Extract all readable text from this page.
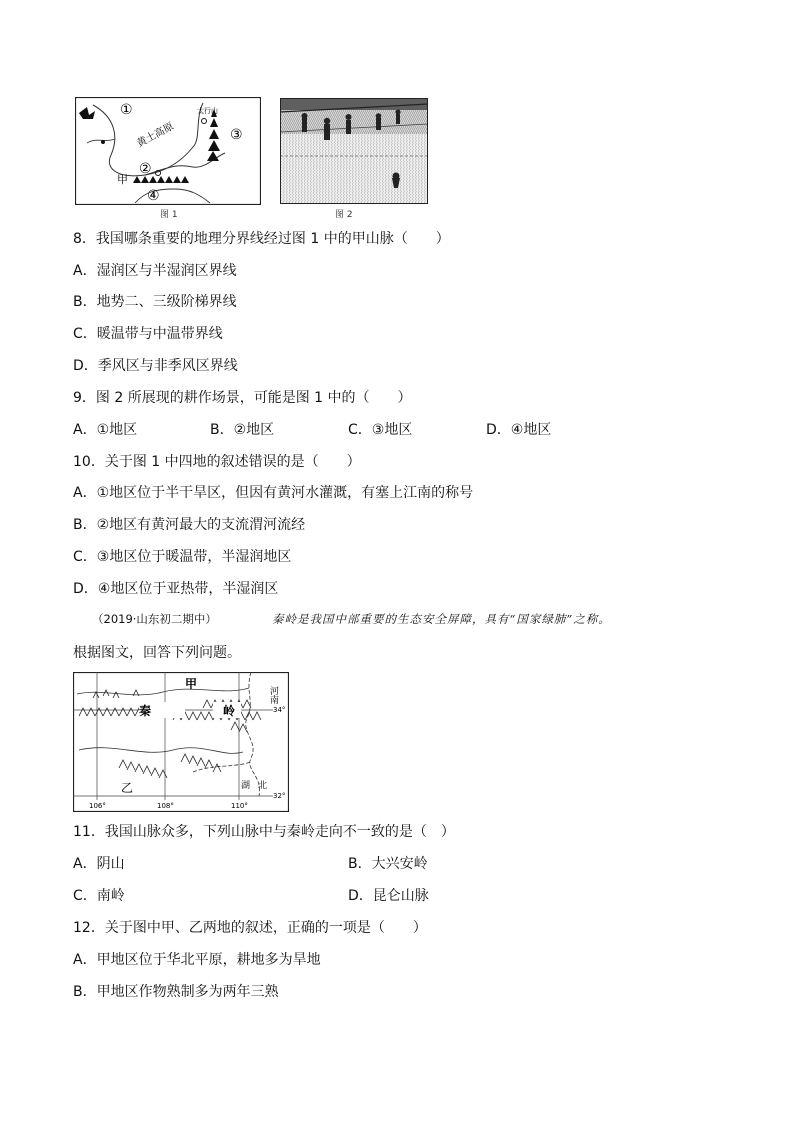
①
③
②
④
黄土高原
甲
太行山
图 1	图 2
8．我国哪条重要的地理分界线经过图 1 中的甲山脉（　　）
A．湿润区与半湿润区界线
B．地势二、三级阶梯界线
C．暖温带与中温带界线
D．季风区与非季风区界线
9．图 2 所展现的耕作场景，可能是图 1 中的（　　）
A．①地区	B．②地区	C．③地区	D．④地区
10．关于图 1 中四地的叙述错误的是（　　）
A．①地区位于半干旱区，但因有黄河水灌溉，有塞上江南的称号
B．②地区有黄河最大的支流渭河流经
C．③地区位于暖温带，半湿润地区
D．④地区位于亚热带，半湿润区
（2019·山东初二期中）	秦岭是我国中部重要的生态安全屏障，具有“国家绿肺”之称。
根据图文，回答下列问题。
甲
秦	岭
乙
河南
湖北
34°
32°
106°	108°	110°
11．我国山脉众多，下列山脉中与秦岭走向不一致的是（　）
A．阴山	B．大兴安岭
C．南岭	D．昆仑山脉
12．关于图中甲、乙两地的叙述，正确的一项是（　　）
A．甲地区位于华北平原，耕地多为旱地
B．甲地区作物熟制多为两年三熟
